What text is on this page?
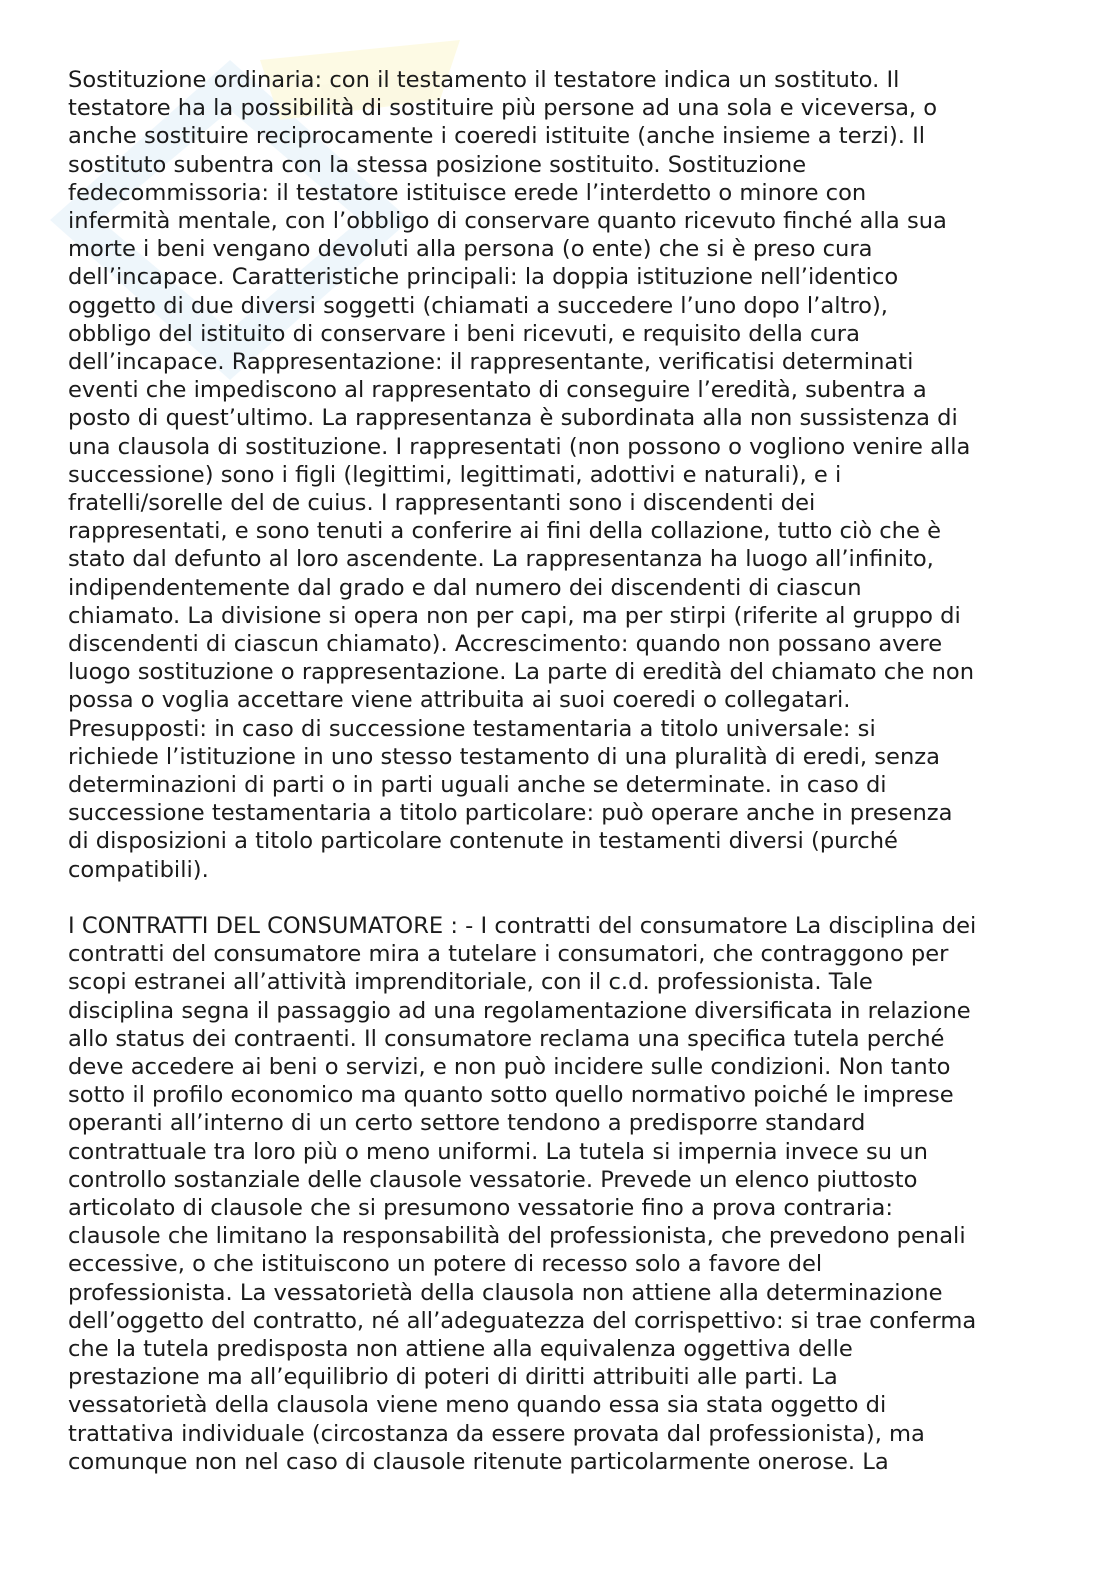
Sostituzione ordinaria: con il testamento il testatore indica un sostituto. Il
testatore ha la possibilità di sostituire più persone ad una sola e viceversa, o
anche sostituire reciprocamente i coeredi istituite (anche insieme a terzi). Il
sostituto subentra con la stessa posizione sostituito. Sostituzione
fedecommissoria: il testatore istituisce erede l’interdetto o minore con
infermità mentale, con l’obbligo di conservare quanto ricevuto finché alla sua
morte i beni vengano devoluti alla persona (o ente) che si è preso cura
dell’incapace. Caratteristiche principali: la doppia istituzione nell’identico
oggetto di due diversi soggetti (chiamati a succedere l’uno dopo l’altro),
obbligo del istituito di conservare i beni ricevuti, e requisito della cura
dell’incapace. Rappresentazione: il rappresentante, verificatisi determinati
eventi che impediscono al rappresentato di conseguire l’eredità, subentra a
posto di quest’ultimo. La rappresentanza è subordinata alla non sussistenza di
una clausola di sostituzione. I rappresentati (non possono o vogliono venire alla
successione) sono i figli (legittimi, legittimati, adottivi e naturali), e i
fratelli/sorelle del de cuius. I rappresentanti sono i discendenti dei
rappresentati, e sono tenuti a conferire ai fini della collazione, tutto ciò che è
stato dal defunto al loro ascendente. La rappresentanza ha luogo all’infinito,
indipendentemente dal grado e dal numero dei discendenti di ciascun
chiamato. La divisione si opera non per capi, ma per stirpi (riferite al gruppo di
discendenti di ciascun chiamato). Accrescimento: quando non possano avere
luogo sostituzione o rappresentazione. La parte di eredità del chiamato che non
possa o voglia accettare viene attribuita ai suoi coeredi o collegatari.
Presupposti: in caso di successione testamentaria a titolo universale: si
richiede l’istituzione in uno stesso testamento di una pluralità di eredi, senza
determinazioni di parti o in parti uguali anche se determinate. in caso di
successione testamentaria a titolo particolare: può operare anche in presenza
di disposizioni a titolo particolare contenute in testamenti diversi (purché
compatibili).

I CONTRATTI DEL CONSUMATORE : - I contratti del consumatore La disciplina dei
contratti del consumatore mira a tutelare i consumatori, che contraggono per
scopi estranei all’attività imprenditoriale, con il c.d. professionista. Tale
disciplina segna il passaggio ad una regolamentazione diversificata in relazione
allo status dei contraenti. Il consumatore reclama una specifica tutela perché
deve accedere ai beni o servizi, e non può incidere sulle condizioni. Non tanto
sotto il profilo economico ma quanto sotto quello normativo poiché le imprese
operanti all’interno di un certo settore tendono a predisporre standard
contrattuale tra loro più o meno uniformi. La tutela si impernia invece su un
controllo sostanziale delle clausole vessatorie. Prevede un elenco piuttosto
articolato di clausole che si presumono vessatorie fino a prova contraria:
clausole che limitano la responsabilità del professionista, che prevedono penali
eccessive, o che istituiscono un potere di recesso solo a favore del
professionista. La vessatorietà della clausola non attiene alla determinazione
dell’oggetto del contratto, né all’adeguatezza del corrispettivo: si trae conferma
che la tutela predisposta non attiene alla equivalenza oggettiva delle
prestazione ma all’equilibrio di poteri di diritti attribuiti alle parti. La
vessatorietà della clausola viene meno quando essa sia stata oggetto di
trattativa individuale (circostanza da essere provata dal professionista), ma
comunque non nel caso di clausole ritenute particolarmente onerose. La
